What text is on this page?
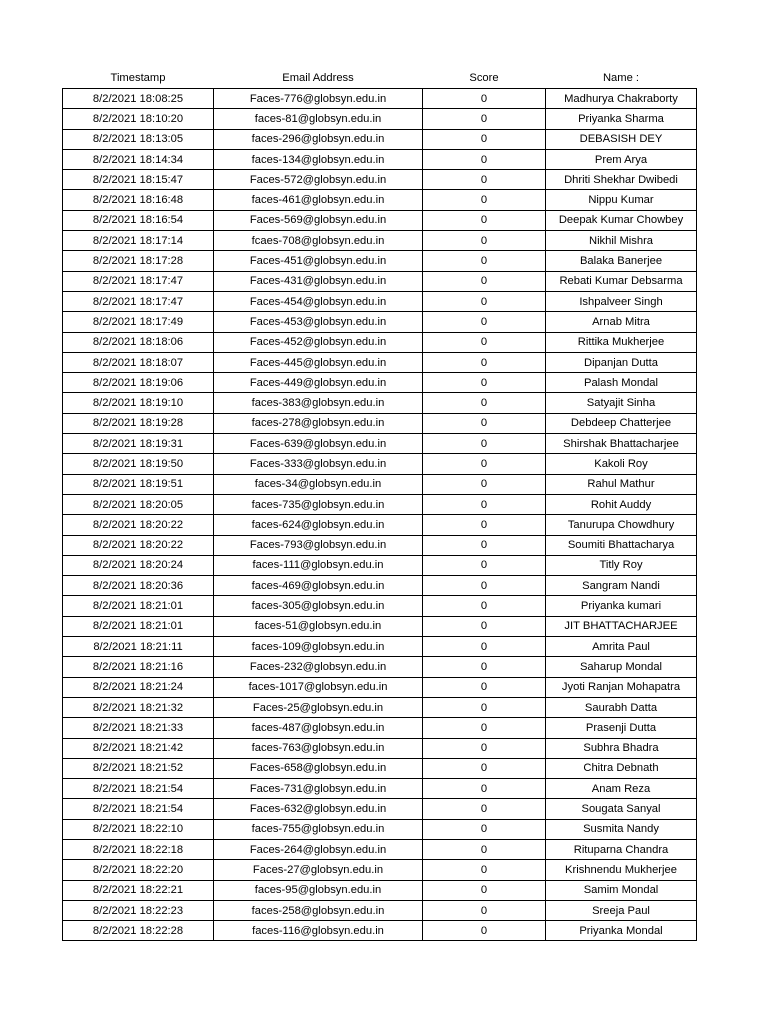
Timestamp	Email Address	Score	Name :
8/2/2021 18:08:25	Faces-776@globsyn.edu.in	0	Madhurya Chakraborty
8/2/2021 18:10:20	faces-81@globsyn.edu.in	0	Priyanka Sharma
8/2/2021 18:13:05	faces-296@globsyn.edu.in	0	DEBASISH DEY
8/2/2021 18:14:34	faces-134@globsyn.edu.in	0	Prem Arya
8/2/2021 18:15:47	Faces-572@globsyn.edu.in	0	Dhriti Shekhar Dwibedi
8/2/2021 18:16:48	faces-461@globsyn.edu.in	0	Nippu Kumar
8/2/2021 18:16:54	Faces-569@globsyn.edu.in	0	Deepak Kumar Chowbey
8/2/2021 18:17:14	fcaes-708@globsyn.edu.in	0	Nikhil Mishra
8/2/2021 18:17:28	Faces-451@globsyn.edu.in	0	Balaka Banerjee
8/2/2021 18:17:47	Faces-431@globsyn.edu.in	0	Rebati Kumar Debsarma
8/2/2021 18:17:47	Faces-454@globsyn.edu.in	0	Ishpalveer Singh
8/2/2021 18:17:49	Faces-453@globsyn.edu.in	0	Arnab Mitra
8/2/2021 18:18:06	Faces-452@globsyn.edu.in	0	Rittika Mukherjee
8/2/2021 18:18:07	Faces-445@globsyn.edu.in	0	Dipanjan Dutta
8/2/2021 18:19:06	Faces-449@globsyn.edu.in	0	Palash Mondal
8/2/2021 18:19:10	faces-383@globsyn.edu.in	0	Satyajit Sinha
8/2/2021 18:19:28	faces-278@globsyn.edu.in	0	Debdeep Chatterjee
8/2/2021 18:19:31	Faces-639@globsyn.edu.in	0	Shirshak Bhattacharjee
8/2/2021 18:19:50	Faces-333@globsyn.edu.in	0	Kakoli Roy
8/2/2021 18:19:51	faces-34@globsyn.edu.in	0	Rahul Mathur
8/2/2021 18:20:05	faces-735@globsyn.edu.in	0	Rohit Auddy
8/2/2021 18:20:22	faces-624@globsyn.edu.in	0	Tanurupa Chowdhury
8/2/2021 18:20:22	Faces-793@globsyn.edu.in	0	Soumiti Bhattacharya
8/2/2021 18:20:24	faces-111@globsyn.edu.in	0	Titly Roy
8/2/2021 18:20:36	faces-469@globsyn.edu.in	0	Sangram Nandi
8/2/2021 18:21:01	faces-305@globsyn.edu.in	0	Priyanka kumari
8/2/2021 18:21:01	faces-51@globsyn.edu.in	0	JIT BHATTACHARJEE
8/2/2021 18:21:11	faces-109@globsyn.edu.in	0	Amrita Paul
8/2/2021 18:21:16	Faces-232@globsyn.edu.in	0	Saharup Mondal
8/2/2021 18:21:24	faces-1017@globsyn.edu.in	0	Jyoti Ranjan Mohapatra
8/2/2021 18:21:32	Faces-25@globsyn.edu.in	0	Saurabh Datta
8/2/2021 18:21:33	faces-487@globsyn.edu.in	0	Prasenji Dutta
8/2/2021 18:21:42	faces-763@globsyn.edu.in	0	Subhra Bhadra
8/2/2021 18:21:52	Faces-658@globsyn.edu.in	0	Chitra Debnath
8/2/2021 18:21:54	Faces-731@globsyn.edu.in	0	Anam Reza
8/2/2021 18:21:54	Faces-632@globsyn.edu.in	0	Sougata Sanyal
8/2/2021 18:22:10	faces-755@globsyn.edu.in	0	Susmita Nandy
8/2/2021 18:22:18	Faces-264@globsyn.edu.in	0	Rituparna Chandra
8/2/2021 18:22:20	Faces-27@globsyn.edu.in	0	Krishnendu Mukherjee
8/2/2021 18:22:21	faces-95@globsyn.edu.in	0	Samim Mondal
8/2/2021 18:22:23	faces-258@globsyn.edu.in	0	Sreeja Paul
8/2/2021 18:22:28	faces-116@globsyn.edu.in	0	Priyanka Mondal
